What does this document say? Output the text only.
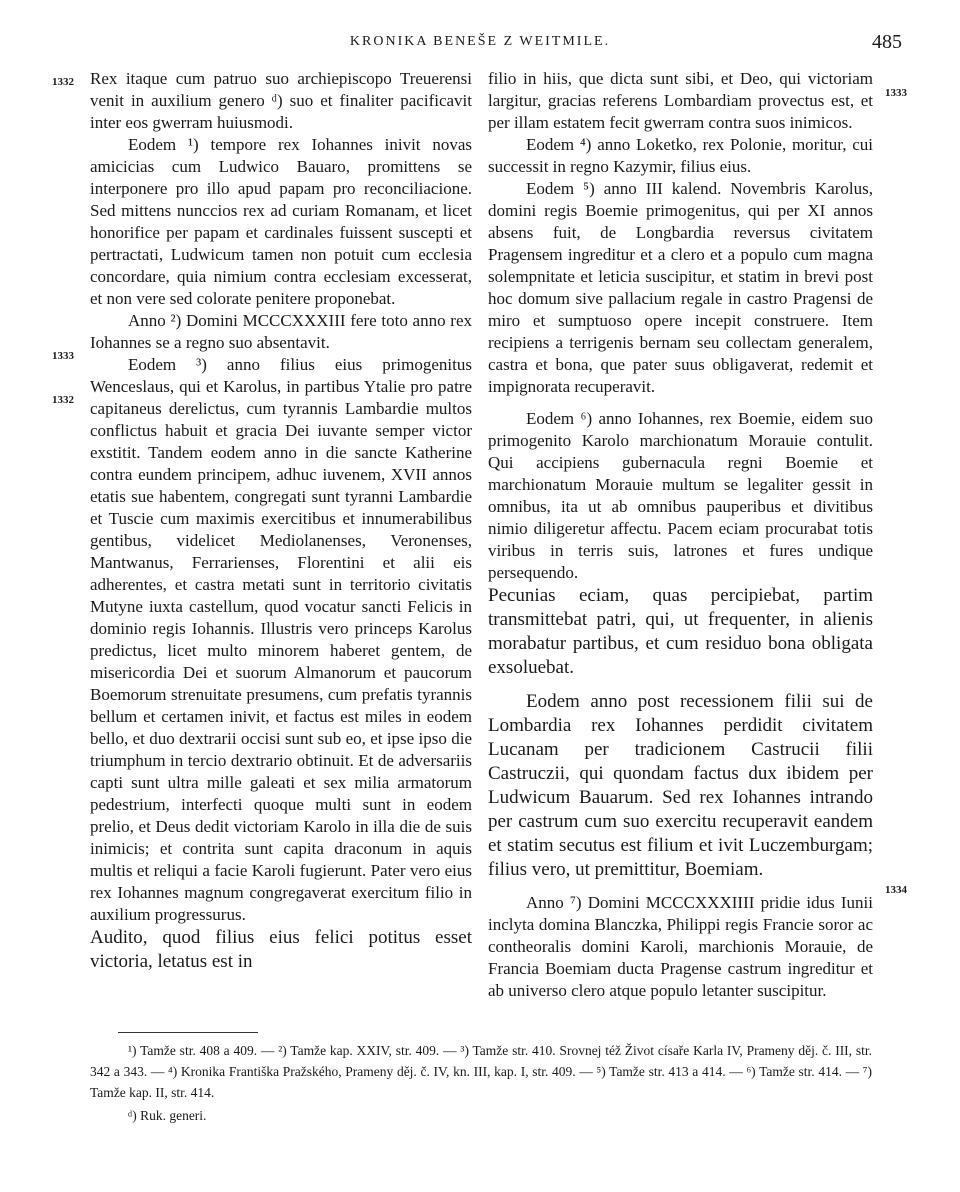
KRONIKA BENEŠE Z WEITMILE.	485
1332
1333
1332
1333
1334

Rex itaque cum patruo suo archiepiscopo Treuerensi venit in auxilium genero ᵈ) suo et finaliter pacificavit inter eos gwerram huiusmodi.

Eodem ¹) tempore rex Iohannes inivit novas amicicias cum Ludwico Bauaro, promittens se interponere pro illo apud papam pro reconciliacione. Sed mittens nunccios rex ad curiam Romanam, et licet honorifice per papam et cardinales fuissent suscepti et pertractati, Ludwicum tamen non potuit cum ecclesia concordare, quia nimium contra ecclesiam excesserat, et non vere sed colorate penitere proponebat.

Anno ²) Domini MCCCXXXIII fere toto anno rex Iohannes se a regno suo absentavit.

Eodem ³) anno filius eius primogenitus Wenceslaus, qui et Karolus, in partibus Ytalie pro patre capitaneus derelictus, cum tyrannis Lambardie multos conflictus habuit et gracia Dei iuvante semper victor exstitit. Tandem eodem anno in die sancte Katherine contra eundem principem, adhuc iuvenem, XVII annos etatis sue habentem, congregati sunt tyranni Lambardie et Tuscie cum maximis exercitibus et innumerabilibus gentibus, videlicet Mediolanenses, Veronenses, Mantwanus, Ferrarienses, Florentini et alii eis adherentes, et castra metati sunt in territorio civitatis Mutyne iuxta castellum, quod vocatur sancti Felicis in dominio regis Iohannis. Illustris vero princeps Karolus predictus, licet multo minorem haberet gentem, de misericordia Dei et suorum Almanorum et paucorum Boemorum strenuitate presumens, cum prefatis tyrannis bellum et certamen inivit, et factus est miles in eodem bello, et duo dextrarii occisi sunt sub eo, et ipse ipso die triumphum in tercio dextrario obtinuit. Et de adversariis capti sunt ultra mille galeati et sex milia armatorum pedestrium, interfecti quoque multi sunt in eodem prelio, et Deus dedit victoriam Karolo in illa die de suis inimicis; et contrita sunt capita draconum in aquis multis et reliqui a facie Karoli fugierunt. Pater vero eius rex Iohannes magnum congregaverat exercitum filio in auxilium progressurus.

Audito, quod filius eius felici potitus esset victoria, letatus est in

filio in hiis, que dicta sunt sibi, et Deo, qui victoriam largitur, gracias referens Lombardiam provectus est, et per illam estatem fecit gwerram contra suos inimicos.

Eodem ⁴) anno Loketko, rex Polonie, moritur, cui successit in regno Kazymir, filius eius.

Eodem ⁵) anno III kalend. Novembris Karolus, domini regis Boemie primogenitus, qui per XI annos absens fuit, de Longbardia reversus civitatem Pragensem ingreditur et a clero et a populo cum magna solempnitate et leticia suscipitur, et statim in brevi post hoc domum sive pallacium regale in castro Pragensi de miro et sumptuoso opere incepit construere. Item recipiens a terrigenis bernam seu collectam generalem, castra et bona, que pater suus obligaverat, redemit et impignorata recuperavit.

Eodem ⁶) anno Iohannes, rex Boemie, eidem suo primogenito Karolo marchionatum Morauie contulit. Qui accipiens gubernacula regni Boemie et marchionatum Morauie multum se legaliter gessit in omnibus, ita ut ab omnibus pauperibus et divitibus nimio diligeretur affectu. Pacem eciam procurabat totis viribus in terris suis, latrones et fures undique persequendo.

Pecunias eciam, quas percipiebat, partim transmittebat patri, qui, ut frequenter, in alienis morabatur partibus, et cum residuo bona obligata exsoluebat.

Eodem anno post recessionem filii sui de Lombardia rex Iohannes perdidit civitatem Lucanam per tradicionem Castrucii filii Castruczii, qui quondam factus dux ibidem per Ludwicum Bauarum. Sed rex Iohannes intrando per castrum cum suo exercitu recuperavit eandem et statim secutus est filium et ivit Luczemburgam; filius vero, ut premittitur, Boemiam.

Anno ⁷) Domini MCCCXXXIIII pridie idus Iunii inclyta domina Blanczka, Philippi regis Francie soror ac contheoralis domini Karoli, marchionis Morauie, de Francia Boemiam ducta Pragense castrum ingreditur et ab universo clero atque populo letanter suscipitur.

¹) Tamže str. 408 a 409. — ²) Tamže kap. XXIV, str. 409. — ³) Tamže str. 410. Srovnej též Život císaře Karla IV, Prameny děj. č. III, str. 342 a 343. — ⁴) Kronika Františka Pražského, Prameny děj. č. IV, kn. III, kap. I, str. 409. — ⁵) Tamže str. 413 a 414. — ⁶) Tamže str. 414. — ⁷) Tamže kap. II, str. 414.

ᵈ) Ruk. generi.
